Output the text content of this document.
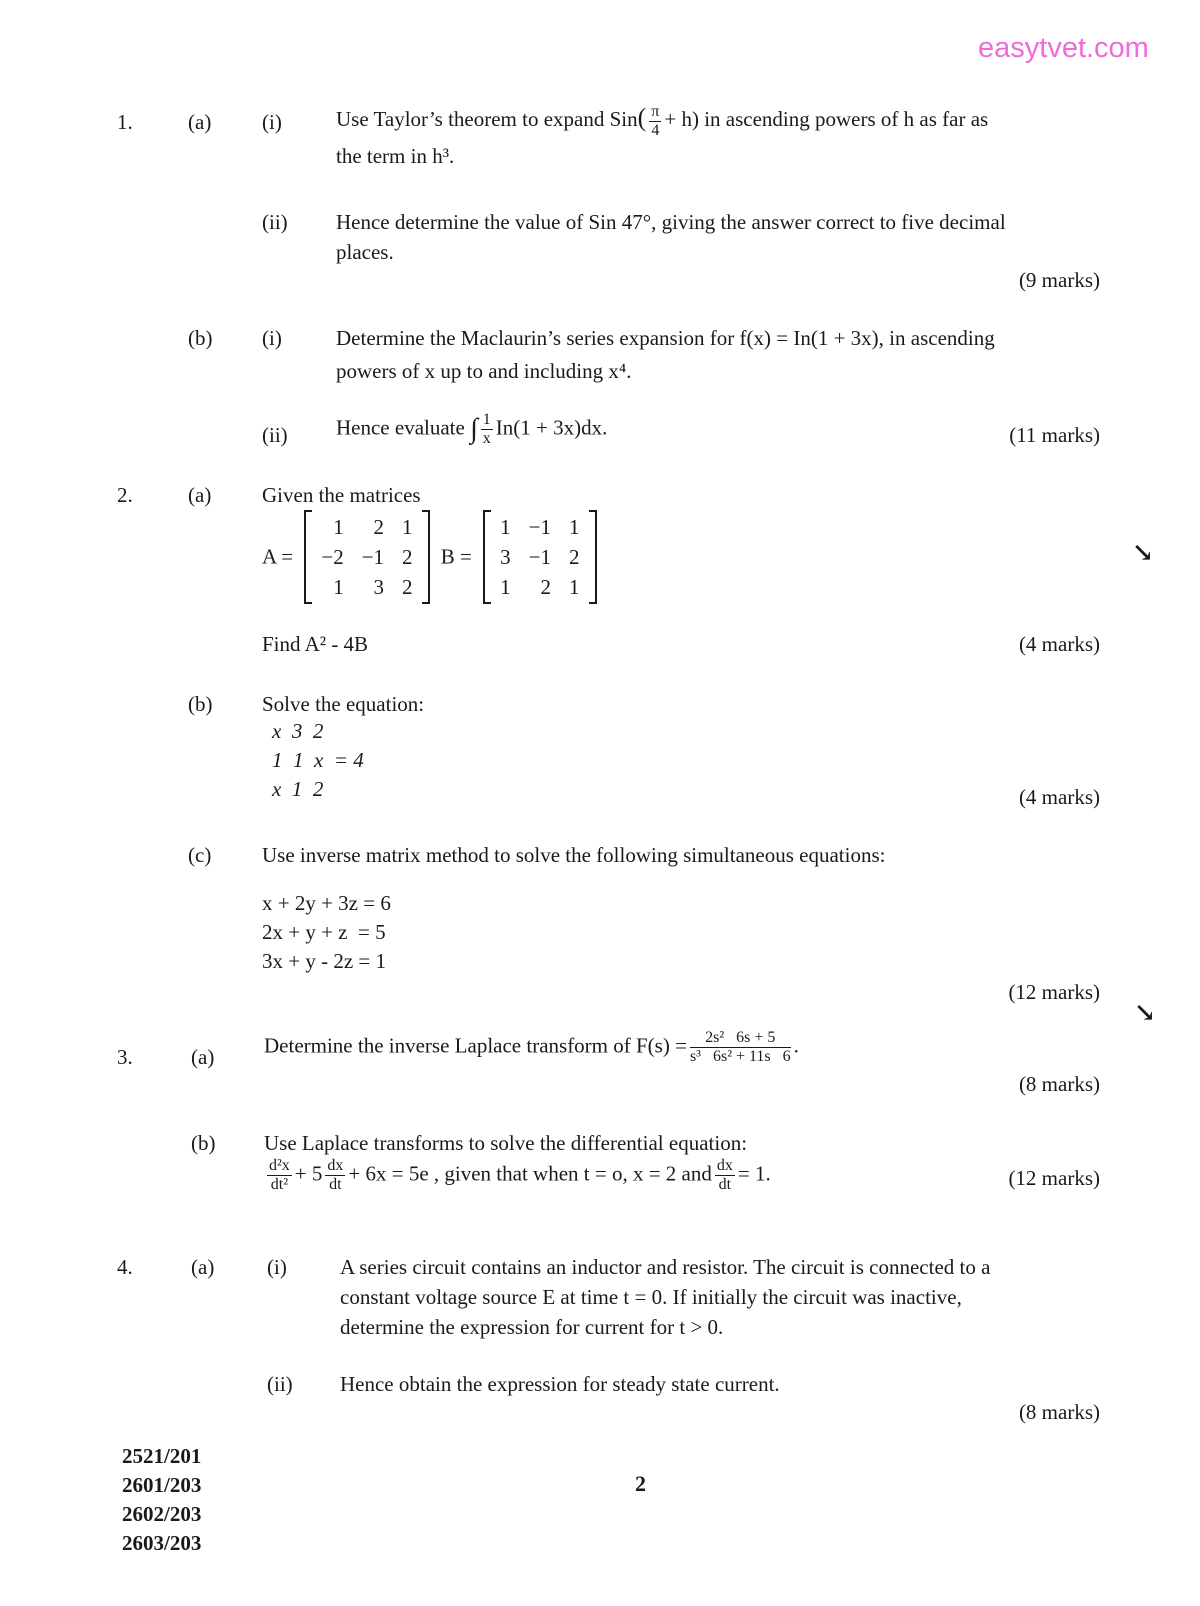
easytvet.com
1.	(a) (i)	Use Taylor’s theorem to expand $Sin( \frac{\pi}{4} + h)$ in ascending powers of h as far as
the term in h³.
(ii) Hence determine the value of Sin 47°, giving the answer correct to five decimal
places.
(9 marks)
(b) (i)	Determine the Maclaurin’s series expansion for f(x) = In(1 + 3x), in ascending
powers of x up to and including x⁴.
(ii) Hence evaluate ∫ $\frac{1}{x} In(1 + 3x)dx$.	(11 marks)
2.	(a) Given the matrices
A =
1	2	1
−2	−1	2
1	3	2
B =
1	−1	1
3	−1	2
1	2	1
↘
Find A² - 4B	(4 marks)
(b) Solve the equation:
x  3  2
1  1  x  = 4
x  1  2	(4 marks)
(c) Use inverse matrix method to solve the following simultaneous equations:
x + 2y + 3z = 6
2x + y + z  = 5
3x + y - 2z = 1
(12 marks)
↘
3.	(a) Determine the inverse Laplace transform of $F(s) = \frac{\text{2s²   6s + 5}}{\text{s³   6s² + 11s   6}}$ .
(8 marks)
(b) Use Laplace transforms to solve the differential equation:
$\frac{\text{d²x}}{\text{dt²}} + 5 \frac{dx}{dt} + 6x = 5e$ , given that when t = o, x = 2 and $\frac{dx}{dt} = 1$.	(12 marks)
4.	(a)	(i)	A series circuit contains an inductor and resistor. The circuit is connected to a
constant voltage source E at time t = 0. If initially the circuit was inactive,
determine the expression for current for t > 0.
(ii) Hence obtain the expression for steady state current.
(8 marks)
2521/201
2601/203
2602/203
2603/203
2
